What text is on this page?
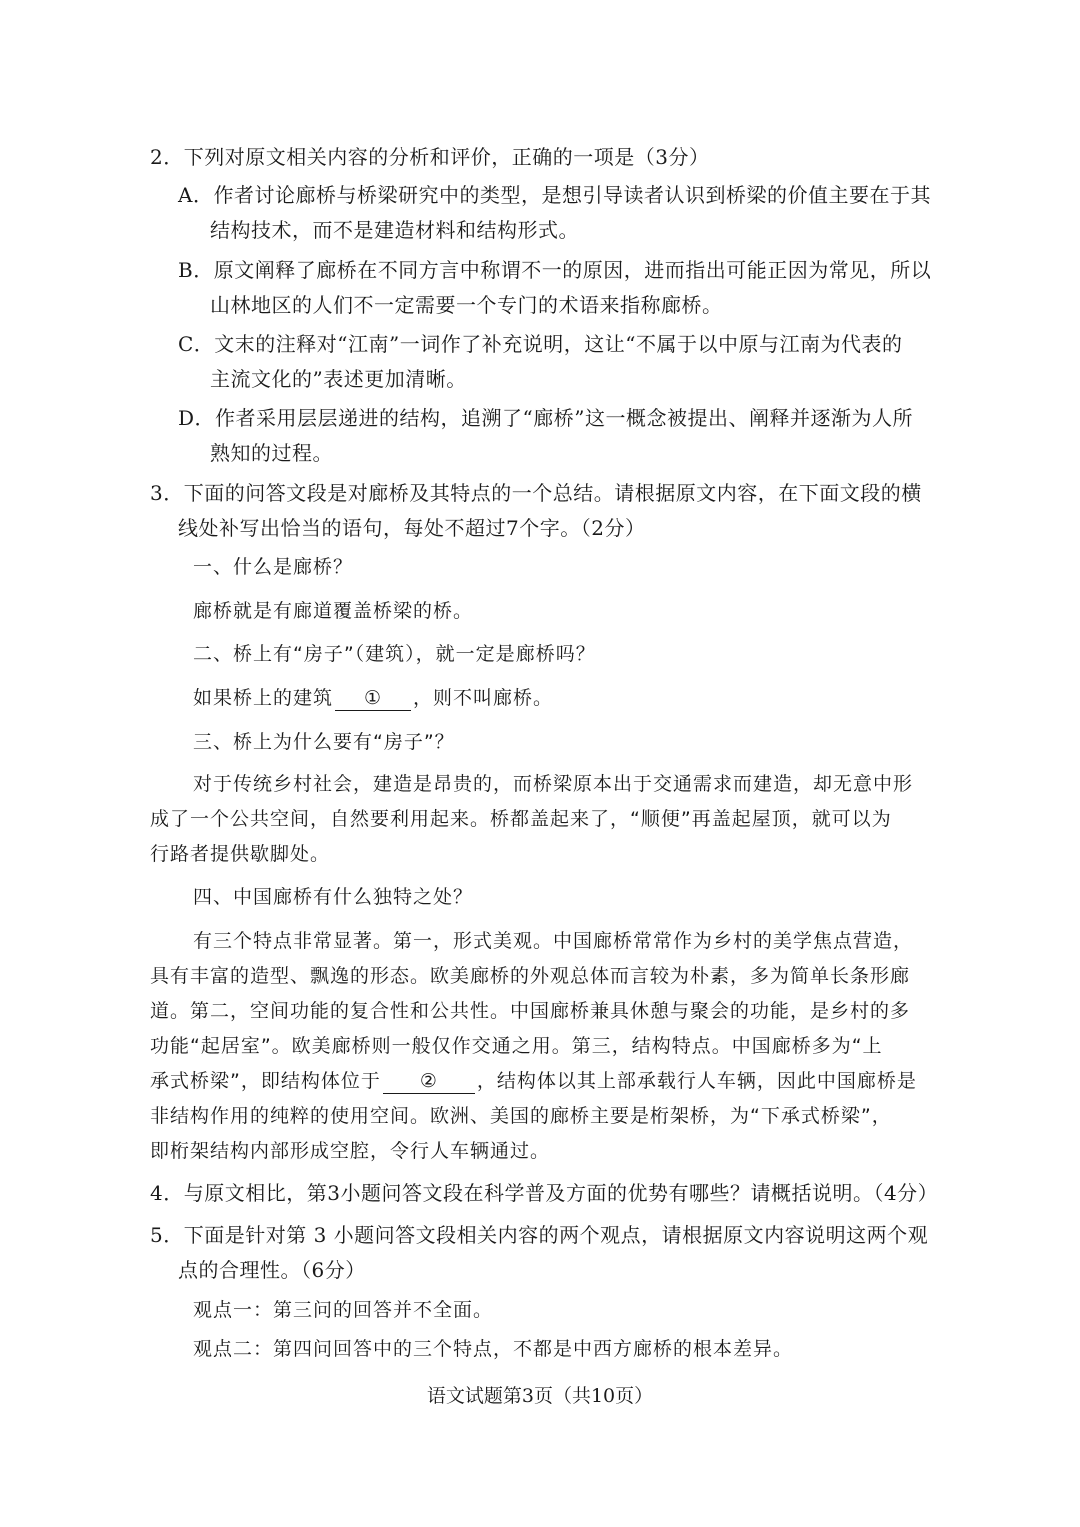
2．下列对原文相关内容的分析和评价，正确的一项是（3分）
A．作者讨论廊桥与桥梁研究中的类型，是想引导读者认识到桥梁的价值主要在于其
结构技术，而不是建造材料和结构形式。
B．原文阐释了廊桥在不同方言中称谓不一的原因，进而指出可能正因为常见，所以
山林地区的人们不一定需要一个专门的术语来指称廊桥。
C．文末的注释对“江南”一词作了补充说明，这让“不属于以中原与江南为代表的
主流文化的”表述更加清晰。
D．作者采用层层递进的结构，追溯了“廊桥”这一概念被提出、阐释并逐渐为人所
熟知的过程。
3．下面的问答文段是对廊桥及其特点的一个总结。请根据原文内容，在下面文段的横
线处补写出恰当的语句，每处不超过7个字。（2分）
一、什么是廊桥？
廊桥就是有廊道覆盖桥梁的桥。
二、桥上有“房子”（建筑），就一定是廊桥吗？
如果桥上的建筑 ① ，则不叫廊桥。
三、桥上为什么要有“房子”？
对于传统乡村社会，建造是昂贵的，而桥梁原本出于交通需求而建造，却无意中形
成了一个公共空间，自然要利用起来。桥都盖起来了，“顺便”再盖起屋顶，就可以为
行路者提供歇脚处。
四、中国廊桥有什么独特之处？
有三个特点非常显著。第一，形式美观。中国廊桥常常作为乡村的美学焦点营造，
具有丰富的造型、飘逸的形态。欧美廊桥的外观总体而言较为朴素，多为简单长条形廊
道。第二，空间功能的复合性和公共性。中国廊桥兼具休憩与聚会的功能，是乡村的多
功能“起居室”。欧美廊桥则一般仅作交通之用。第三，结构特点。中国廊桥多为“上
承式桥梁”，即结构体位于 ② ，结构体以其上部承载行人车辆，因此中国廊桥是
非结构作用的纯粹的使用空间。欧洲、美国的廊桥主要是桁架桥，为“下承式桥梁”，
即桁架结构内部形成空腔，令行人车辆通过。
4．与原文相比，第3小题问答文段在科学普及方面的优势有哪些？请概括说明。（4分）
5．下面是针对第 3 小题问答文段相关内容的两个观点，请根据原文内容说明这两个观
点的合理性。（6分）
观点一：第三问的回答并不全面。
观点二：第四问回答中的三个特点，不都是中西方廊桥的根本差异。
语文试题第3页（共10页）
